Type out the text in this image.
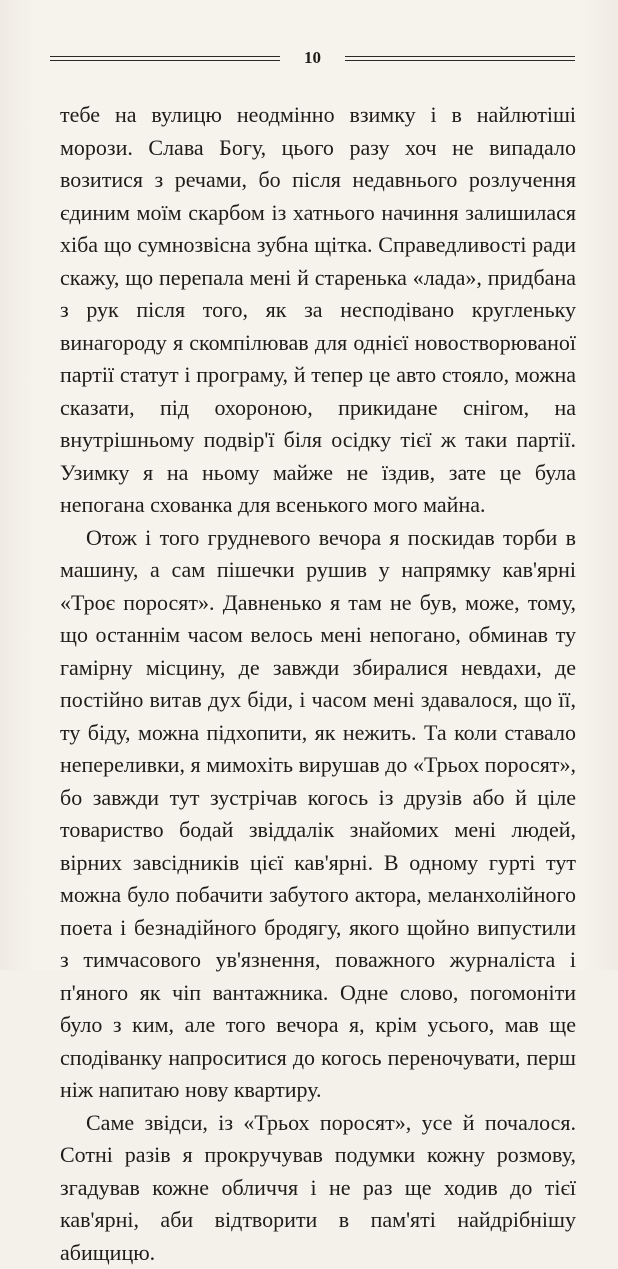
10

тебе на вулицю неодмінно взимку і в найлютіші морози. Слава Богу, цього разу хоч не випадало возитися з речами, бо після недавнього розлучення єдиним моїм скарбом із хатнього начиння залишилася хіба що сумнозвісна зубна щітка. Справедливості ради скажу, що перепала мені й старенька «лада», придбана з рук після того, як за несподівано кругленьку винагороду я скомпілював для однієї новостворюваної партії статут і програму, й тепер це авто стояло, можна сказати, під охороною, прикидане снігом, на внутрішньому подвір'ї біля осідку тієї ж таки партії. Узимку я на ньому майже не їздив, зате це була непогана схованка для всенького мого майна.

Отож і того грудневого вечора я поскидав торби в машину, а сам пішечки рушив у напрямку кав'ярні «Троє поросят». Давненько я там не був, може, тому, що останнім часом велось мені непогано, обминав ту гамірну місцину, де завжди збиралися невдахи, де постійно витав дух біди, і часом мені здавалося, що її, ту біду, можна підхопити, як нежить. Та коли ставало непереливки, я мимохіть вирушав до «Трьох поросят», бо завжди тут зустрічав когось із друзів або й ціле товариство бодай звіддалік знайомих мені людей, вірних завсідників цієї кав'ярні. В одному гурті тут можна було побачити забутого актора, меланхолійного поета і безнадійного бродягу, якого щойно випустили з тимчасового ув'язнення, поважного журналіста і п'яного як чіп вантажника. Одне слово, погомоніти було з ким, але того вечора я, крім усього, мав ще сподіванку напроситися до когось переночувати, перш ніж напитаю нову квартиру.

Саме звідси, із «Трьох поросят», усе й почалося. Сотні разів я прокручував подумки кожну розмову, згадував кожне обличчя і не раз ще ходив до тієї кав'ярні, аби відтворити в пам'яті найдрібнішу абищицю.
